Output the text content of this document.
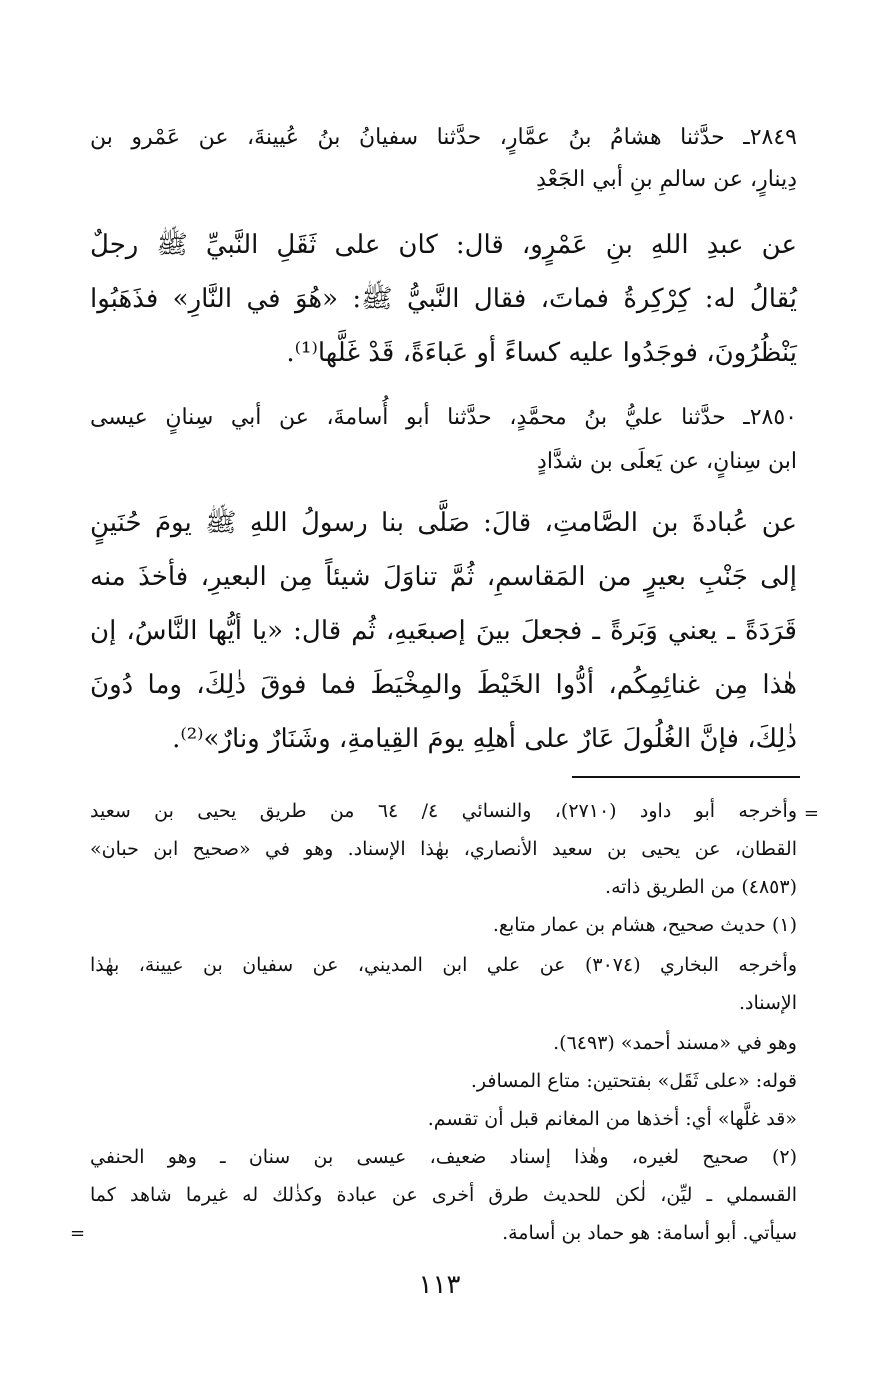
٢٨٤٩ـ حدَّثنا هشامُ بنُ عمَّارٍ، حدَّثنا سفيانُ بنُ عُيينةَ، عن عَمْرو بن
دِينارٍ، عن سالمِ بنِ أبي الجَعْدِ
عن عبدِ اللهِ بنِ عَمْرٍو، قال: كان على ثَقَلِ النَّبيِّ ﷺ رجلٌ
يُقالُ له: كِرْكِرةُ فماتَ، فقال النَّبيُّ ﷺ: «هُوَ في النَّارِ» فذَهَبُوا
يَنْظُرُونَ، فوجَدُوا عليه كساءً أو عَباءَةً، قَدْ غَلَّها⁽¹⁾.
٢٨٥٠ـ حدَّثنا عليُّ بنُ محمَّدٍ، حدَّثنا أبو أُسامةَ، عن أبي سِنانٍ عيسى
ابن سِنانٍ، عن يَعلَى بن شدَّادٍ
عن عُبادةَ بن الصَّامتِ، قالَ: صَلَّى بنا رسولُ اللهِ ﷺ يومَ حُنَينٍ
إلى جَنْبِ بعيرٍ من المَقاسمِ، ثُمَّ تناوَلَ شيئاً مِن البعيرِ، فأخذَ منه
قَرَدَةً ـ يعني وَبَرةً ـ فجعلَ بينَ إصبعَيهِ، ثُم قال: «يا أيُّها النَّاسُ، إن
هٰذا مِن غنائِمِكُم، أدُّوا الخَيْطَ والمِخْيَطَ فما فوقَ ذٰلِكَ، وما دُونَ
ذٰلِكَ، فإنَّ الغُلُولَ عَارٌ على أهلِهِ يومَ القِيامةِ، وشَنَارٌ ونارٌ»⁽²⁾.
=
وأخرجه أبو داود (٢٧١٠)، والنسائي ٤/ ٦٤ من طريق يحيى بن سعيد
القطان، عن يحيى بن سعيد الأنصاري، بهٰذا الإسناد. وهو في «صحيح ابن حبان»
(٤٨٥٣) من الطريق ذاته.
(١) حديث صحيح، هشام بن عمار متابع.
وأخرجه البخاري (٣٠٧٤) عن علي ابن المديني، عن سفيان بن عيينة، بهٰذا
الإسناد.
وهو في «مسند أحمد» (٦٤٩٣).
قوله: «على ثَقَل» بفتحتين: متاع المسافر.
«قد غلَّها» أي: أخذها من المغانم قبل أن تقسم.
(٢) صحيح لغيره، وهٰذا إسناد ضعيف، عيسى بن سنان ـ وهو الحنفي
القسملي ـ ليِّن، لٰكن للحديث طرق أخرى عن عبادة وكذٰلك له غيرما شاهد كما
سيأتي. أبو أسامة: هو حماد بن أسامة.
=
١١٣
